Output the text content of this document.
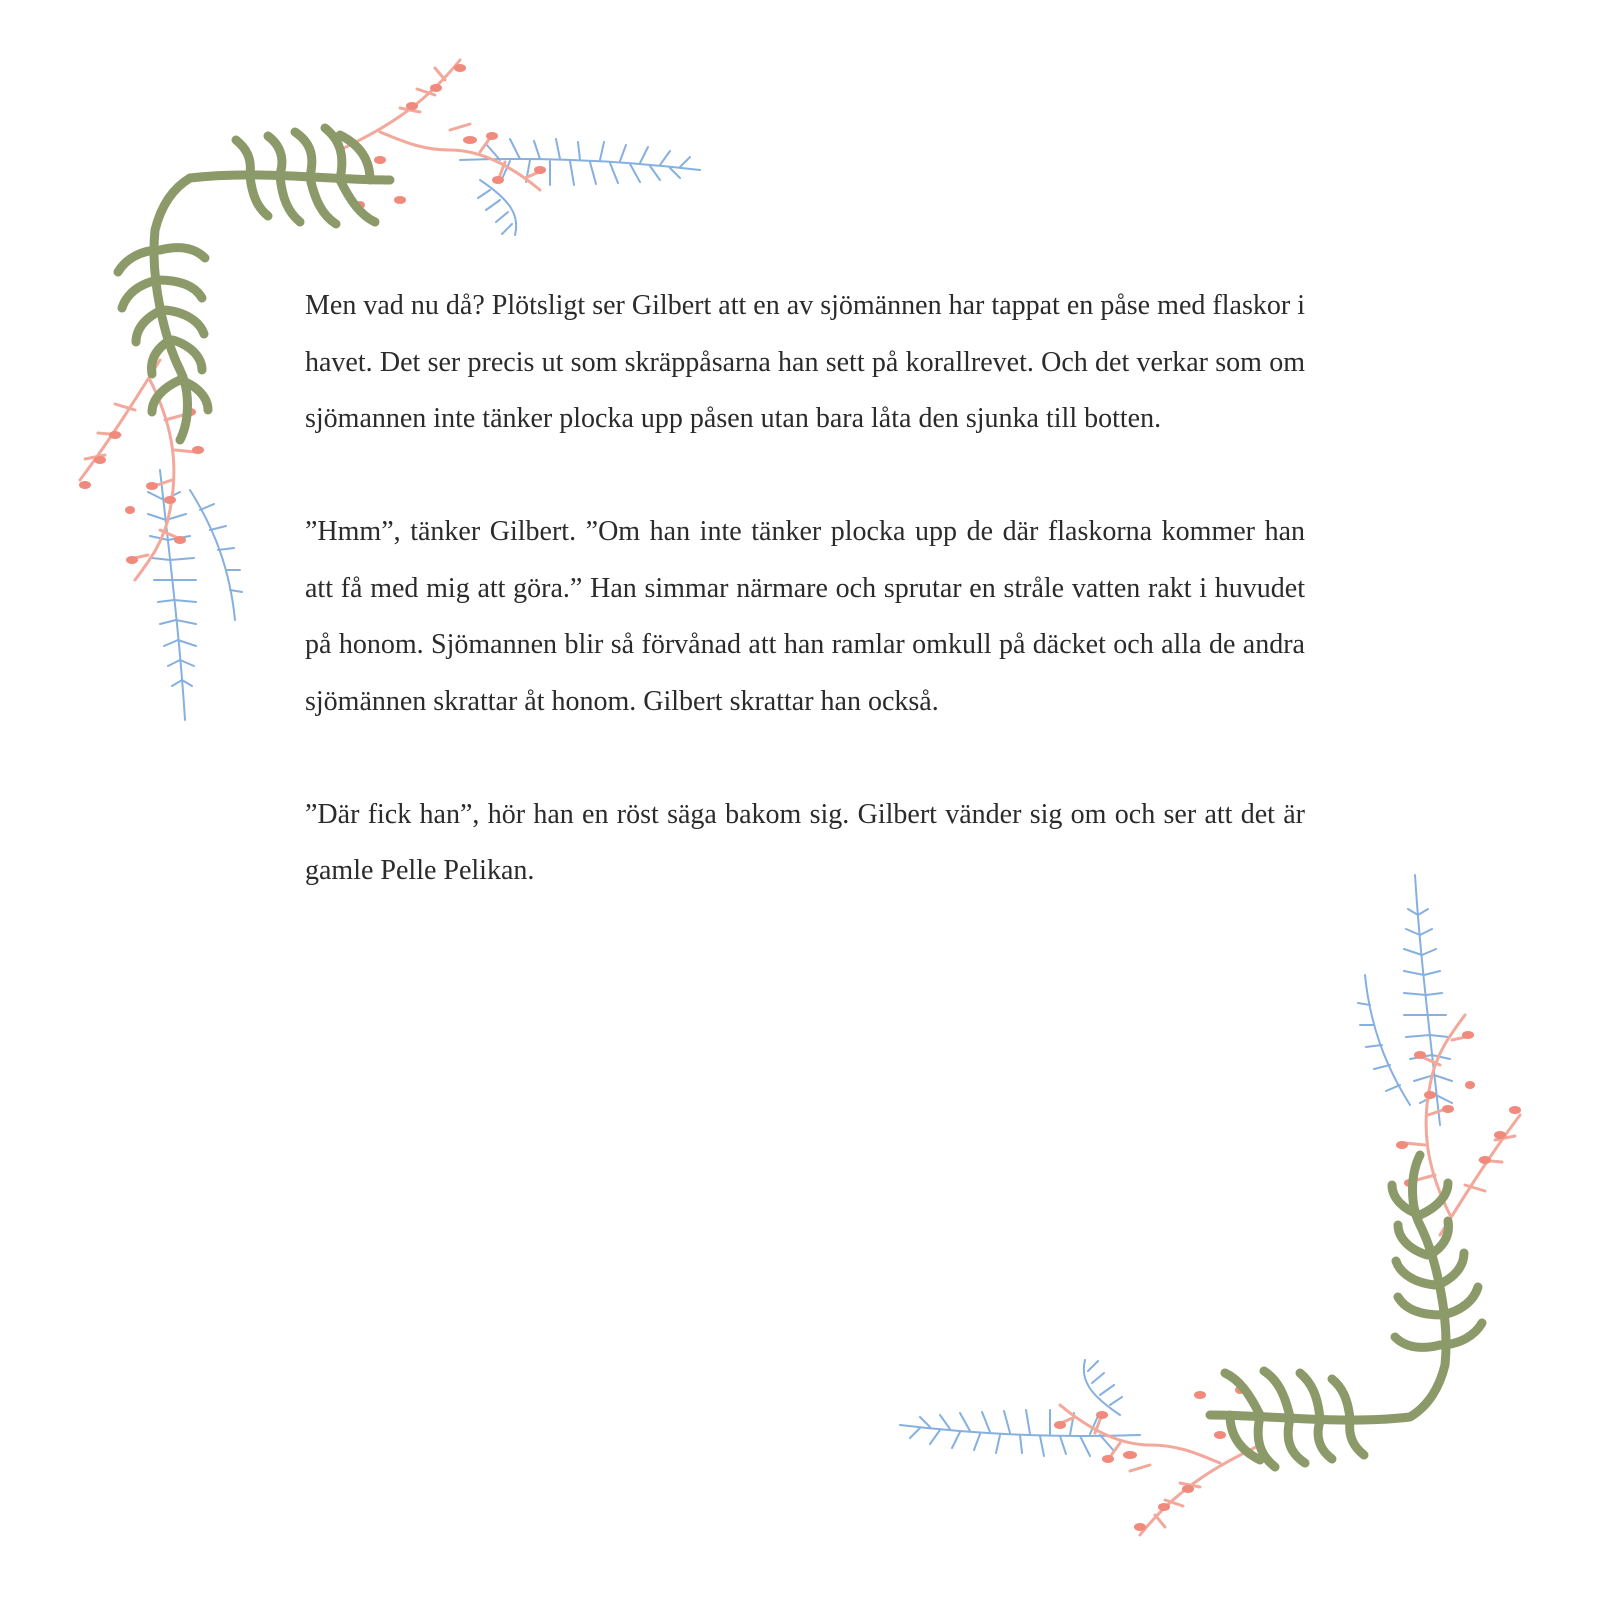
Men vad nu då? Plötsligt ser Gilbert att en av sjömännen har tappat en påse med flaskor i havet. Det ser precis ut som skräppåsarna han sett på korallrevet. Och det verkar som om sjömannen inte tänker plocka upp påsen utan bara låta den sjunka till botten.

”Hmm”, tänker Gilbert. ”Om han inte tänker plocka upp de där flaskorna kommer han att få med mig att göra.” Han simmar närmare och sprutar en stråle vatten rakt i huvudet på honom. Sjömannen blir så förvånad att han ramlar omkull på däcket och alla de andra sjömännen skrattar åt honom. Gilbert skrattar han också.

”Där fick han”, hör han en röst säga bakom sig. Gilbert vänder sig om och ser att det är gamle Pelle Pelikan.
